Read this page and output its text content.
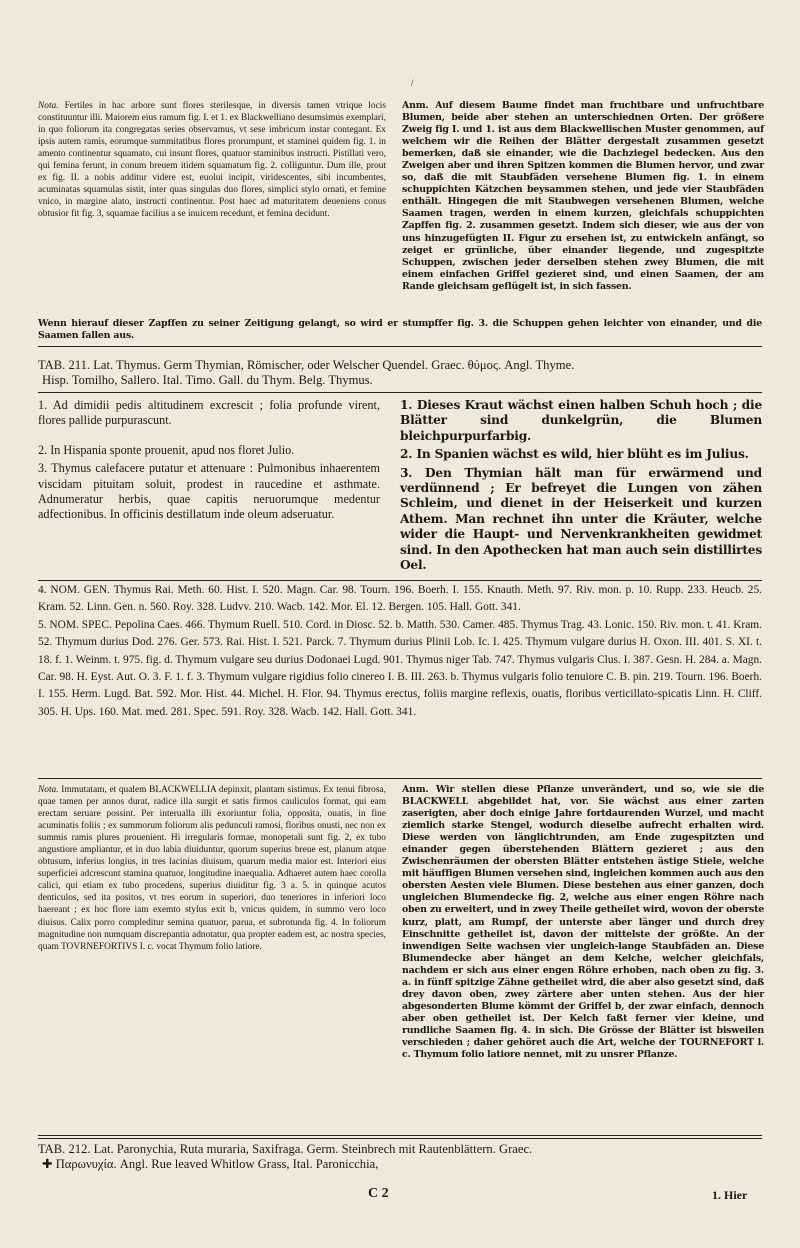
/

Nota. Fertiles in hac arbore sunt flores sterilesque, in diversis tamen vtrique locis constituuntur illi. Maiorem eius ramum fig. I. et 1. ex Blackwelliano desumsimus exemplari, in quo foliorum ita congregatas series observamus, vt sese imbricum instar contegant. Ex ipsis autem ramis, eorumque summitatibus flores prorumpunt, et staminei quidem fig. 1. in amento continentur squamato, cui insunt flores, quatuor staminibus instructi. Pistillati vero, qui femina ferunt, in conum breuem itidem squamatum fig. 2. colliguntur. Dum ille, prout ex fig. II. a nobis additur videre est, euolui incipit, viridescentes, sibi incumbentes, acuminatas squamulas sistit, inter quas singulas duo flores, simplici stylo ornati, et femine vnico, in margine alato, instructi continentur. Post haec ad maturitatem deueniens conus obtusior fit fig. 3, squamae facilius a se inuicem recedunt, et femina decidunt.

Anm. Auf diesem Baume findet man fruchtbare und unfruchtbare Blumen, beide aber stehen an unterschiednen Orten. Der größere Zweig fig I. und 1. ist aus dem Blackwellischen Muster genommen, auf welchem wir die Reihen der Blätter dergestalt zusammen gesetzt bemerken, daß sie einander, wie die Dachziegel bedecken. Aus den Zweigen aber und ihren Spitzen kommen die Blumen hervor, und zwar so, daß die mit Staubfäden versehene Blumen fig. 1. in einem schuppichten Kätzchen beysammen stehen, und jede vier Staubfäden enthält. Hingegen die mit Staubwegen versehenen Blumen, welche Saamen tragen, werden in einem kurzen, gleichfals schuppichten Zapffen fig. 2. zusammen gesetzt. Indem sich dieser, wie aus der von uns hinzugefügten II. Figur zu ersehen ist, zu entwickeln anfängt, so zeiget er grünliche, über einander liegende, und zugespitzte Schuppen, zwischen jeder derselben stehen zwey Blumen, die mit einem einfachen Griffel gezieret sind, und einen Saamen, der am Rande gleichsam geflügelt ist, in sich fassen.

Wenn hierauf dieser Zapffen zu seiner Zeitigung gelangt, so wird er stumpffer fig. 3. die Schuppen gehen leichter von einander, und die Saamen fallen aus.

TAB. 211. Lat. Thymus. Germ Thymian, Römischer, oder Welscher Quendel. Graec. θύμος. Angl. Thyme.
Hisp. Tomilho, Sallero. Ital. Timo. Gall. du Thym. Belg. Thymus.

1. Ad dimidii pedis altitudinem excrescit ; folia profunde virent, flores pallide purpurascunt.

2. In Hispania sponte prouenit, apud nos floret Julio.

3. Thymus calefacere putatur et attenuare : Pulmonibus inhaerentem viscidam pituitam soluit, prodest in raucedine et asthmate. Adnumeratur herbis, quae capitis neruorumque medentur adfectionibus. In officinis destillatum inde oleum adseruatur.

1. Dieses Kraut wächst einen halben Schuh hoch ; die Blätter sind dunkelgrün, die Blumen bleichpurpurfarbig.

2. In Spanien wächst es wild, hier blüht es im Julius.

3. Den Thymian hält man für erwärmend und verdünnend ; Er befreyet die Lungen von zähen Schleim, und dienet in der Heiserkeit und kurzen Athem. Man rechnet ihn unter die Kräuter, welche wider die Haupt- und Nervenkrankheiten gewidmet sind. In den Apothecken hat man auch sein distillirtes Oel.

4. NOM. GEN. Thymus Rai. Meth. 60. Hist. I. 520. Magn. Car. 98. Tourn. 196. Boerh. I. 155. Knauth. Meth. 97. Riv. mon. p. 10. Rupp. 233. Heucb. 25. Kram. 52. Linn. Gen. n. 560. Roy. 328. Ludvv. 210. Wacb. 142. Mor. El. 12. Bergen. 105. Hall. Gott. 341.

5. NOM. SPEC. Pepolina Caes. 466. Thymum Ruell. 510. Cord. in Diosc. 52. b. Matth. 530. Camer. 485. Thymus Trag. 43. Lonic. 150. Riv. mon. t. 41. Kram. 52. Thymum durius Dod. 276. Ger. 573. Rai. Hist. I. 521. Parck. 7. Thymum durius Plinii Lob. Ic. I. 425. Thymum vulgare durius H. Oxon. III. 401. S. XI. t. 18. f. 1. Weinm. t. 975. fig. d. Thymum vulgare seu durius Dodonaei Lugd. 901. Thymus niger Tab. 747. Thymus vulgaris Clus. I. 387. Gesn. H. 284. a. Magn. Car. 98. H. Eyst. Aut. O. 3. F. 1. f. 3. Thymum vulgare rigidius folio cinereo I. B. III. 263. b. Thymus vulgaris folio tenuiore C. B. pin. 219. Tourn. 196. Boerh. I. 155. Herm. Lugd. Bat. 592. Mor. Hist. 44. Michel. H. Flor. 94. Thymus erectus, foliis margine reflexis, ouatis, floribus verticillato-spicatis Linn. H. Cliff. 305. H. Ups. 160. Mat. med. 281. Spec. 591. Roy. 328. Wacb. 142. Hall. Gott. 341.

Nota. Immutatam, et qualem BLACKWELLIA depinxit, plantam sistimus. Ex tenui fibrosa, quae tamen per annos durat, radice illa surgit et satis firmos cauliculos format, qui eam erectam seruare possint. Per interualla illi exoriuntur folia, opposita, ouatis, in fine acuminatis foliis ; ex summorum foliorum alis pedunculi ramosi, floribus onusti, nec non ex summis ramis plures prouenient. Hi irregularis formae, monopetali sunt fig. 2, ex tubo angustiore ampliantur, et in duo labia diuiduntur, quorum superius breue est, planum atque obtusum, inferius longius, in tres lacinias diuisum, quarum media maior est. Interiori eius superficiei adcrescunt stamina quatuor, longitudine inaequalia. Adhaeret autem haec corolla calici, qui etiam ex tubo procedens, superius diuiditur fig. 3 a. 5. in quinque acutos denticulos, sed ita positos, vt tres eorum in superiori, duo teneriores in inferiori loco haereant ; ex hoc flore iam exemto stylus exit b, vnicus quidem, in summo vero loco diuisus. Calix porro compleditur semina quatuor, parua, et subrotunda fig. 4. In foliorum magnitudine non numquam discrepantia adnotatur, qua propter eadem est, ac nostra species, quam TOVRNEFORTIVS I. c. vocat Thymum folio latiore.

Anm. Wir stellen diese Pflanze unverändert, und so, wie sie die BLACKWELL abgebildet hat, vor. Sie wächst aus einer zarten zaserigten, aber doch einige Jahre fortdaurenden Wurzel, und macht ziemlich starke Stengel, wodurch dieselbe aufrecht erhalten wird. Diese werden von länglichtrunden, am Ende zugespitzten und einander gegen überstehenden Blättern gezieret ; aus den Zwischenräumen der obersten Blätter entstehen ästige Stiele, welche mit häuffigen Blumen versehen sind, ingleichen kommen auch aus den obersten Aesten viele Blumen. Diese bestehen aus einer ganzen, doch ungleichen Blumendecke fig. 2, welche aus einer engen Röhre nach oben zu erweitert, und in zwey Theile getheilet wird, wovon der oberste kurz, platt, am Rumpf, der unterste aber länger und durch drey Einschnitte getheilet ist, davon der mittelste der größte. An der inwendigen Seite wachsen vier ungleich-lange Staubfäden an. Diese Blumendecke aber hänget an dem Kelche, welcher gleichfals, nachdem er sich aus einer engen Röhre erhoben, nach oben zu fig. 3. a. in fünff spitzige Zähne getheilet wird, die aber also gesetzt sind, daß drey davon oben, zwey zärtere aber unten stehen. Aus der hier abgesonderten Blume kömmt der Griffel b, der zwar einfach, dennoch aber oben getheilet ist. Der Kelch faßt ferner vier kleine, und rundliche Saamen fig. 4. in sich. Die Grösse der Blätter ist bisweilen verschieden ; daher gehöret auch die Art, welche der TOURNEFORT l. c. Thymum folio latiore nennet, mit zu unsrer Pflanze.

TAB. 212. Lat. Paronychia, Ruta muraria, Saxifraga. Germ. Steinbrech mit Rautenblättern. Graec.
✚ Παρωνυχία. Angl. Rue leaved Whitlow Grass, Ital. Paronicchia,
C 2	1. Hier
